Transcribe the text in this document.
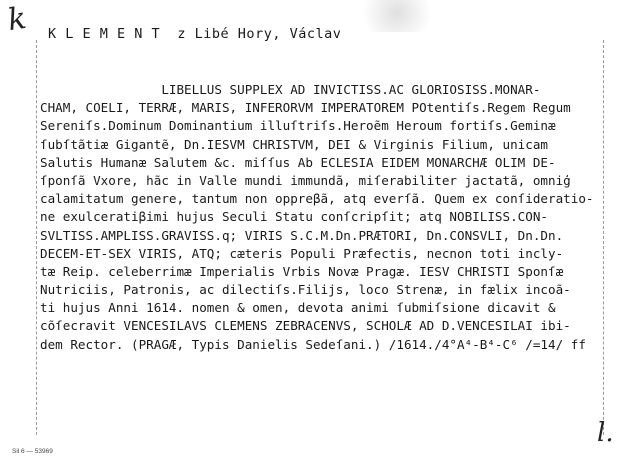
k K L E M E N T  z Libé Hory, Václav
LIBELLUS SUPPLEX AD INVICTISS.AC GLORIOSISS.MONAR-
CHAM, COELI, TERRÆ, MARIS, INFERORVM IMPERATOREM POtentiſs.Regem Regum
Sereniſs.Dominum Dominantium illuſtriſs.Heroẽm Heroum fortiſs.Geminæ
ſubſtãtiæ Gigantẽ, Dn.IESVM CHRISTVM, DEI & Virginis Filium, unicam
Salutis Humanæ Salutem &c. miſſus Ab ECLESIA EIDEM MONARCHÆ OLIM DE-
ſponſã Vxore, hãc in Valle mundi immundã, miſerabiliter jactatã, omniģ
calamitatum genere, tantum non oppreβã, atq everſã. Quem ex conſideratio-
ne exulceratiβimi hujus Seculi Statu conſcripſit; atq NOBILISS.CON-
SVLTISS.AMPLISS.GRAVISS.q; VIRIS S.C.M.Dn.PRÆTORI, Dn.CONSVLI, Dn.Dn.
DECEM-ET-SEX VIRIS, ATQ; cæteris Populi Præfectis, necnon toti incly-
tæ Reip. celeberrimæ Imperialis Vrbis Novæ Pragæ. IESV CHRISTI Sponſæ
Nutriciis, Patronis, ac dilectiſs.Filijs, loco Strenæ, in fælix incoã-
ti hujus Anni 1614. nomen & omen, devota animi ſubmiſsione dicavit &
cõſecravit VENCESILAVS CLEMENS ZEBRACENVS, SCHOLÆ AD D.VENCESILAI ibi-
dem Rector. (PRAGÆ, Typis Danielis Sedeſani.) /1614./4°A⁴-B⁴-C⁶ /=14/ ff
Sil 6 — 53969
l.
